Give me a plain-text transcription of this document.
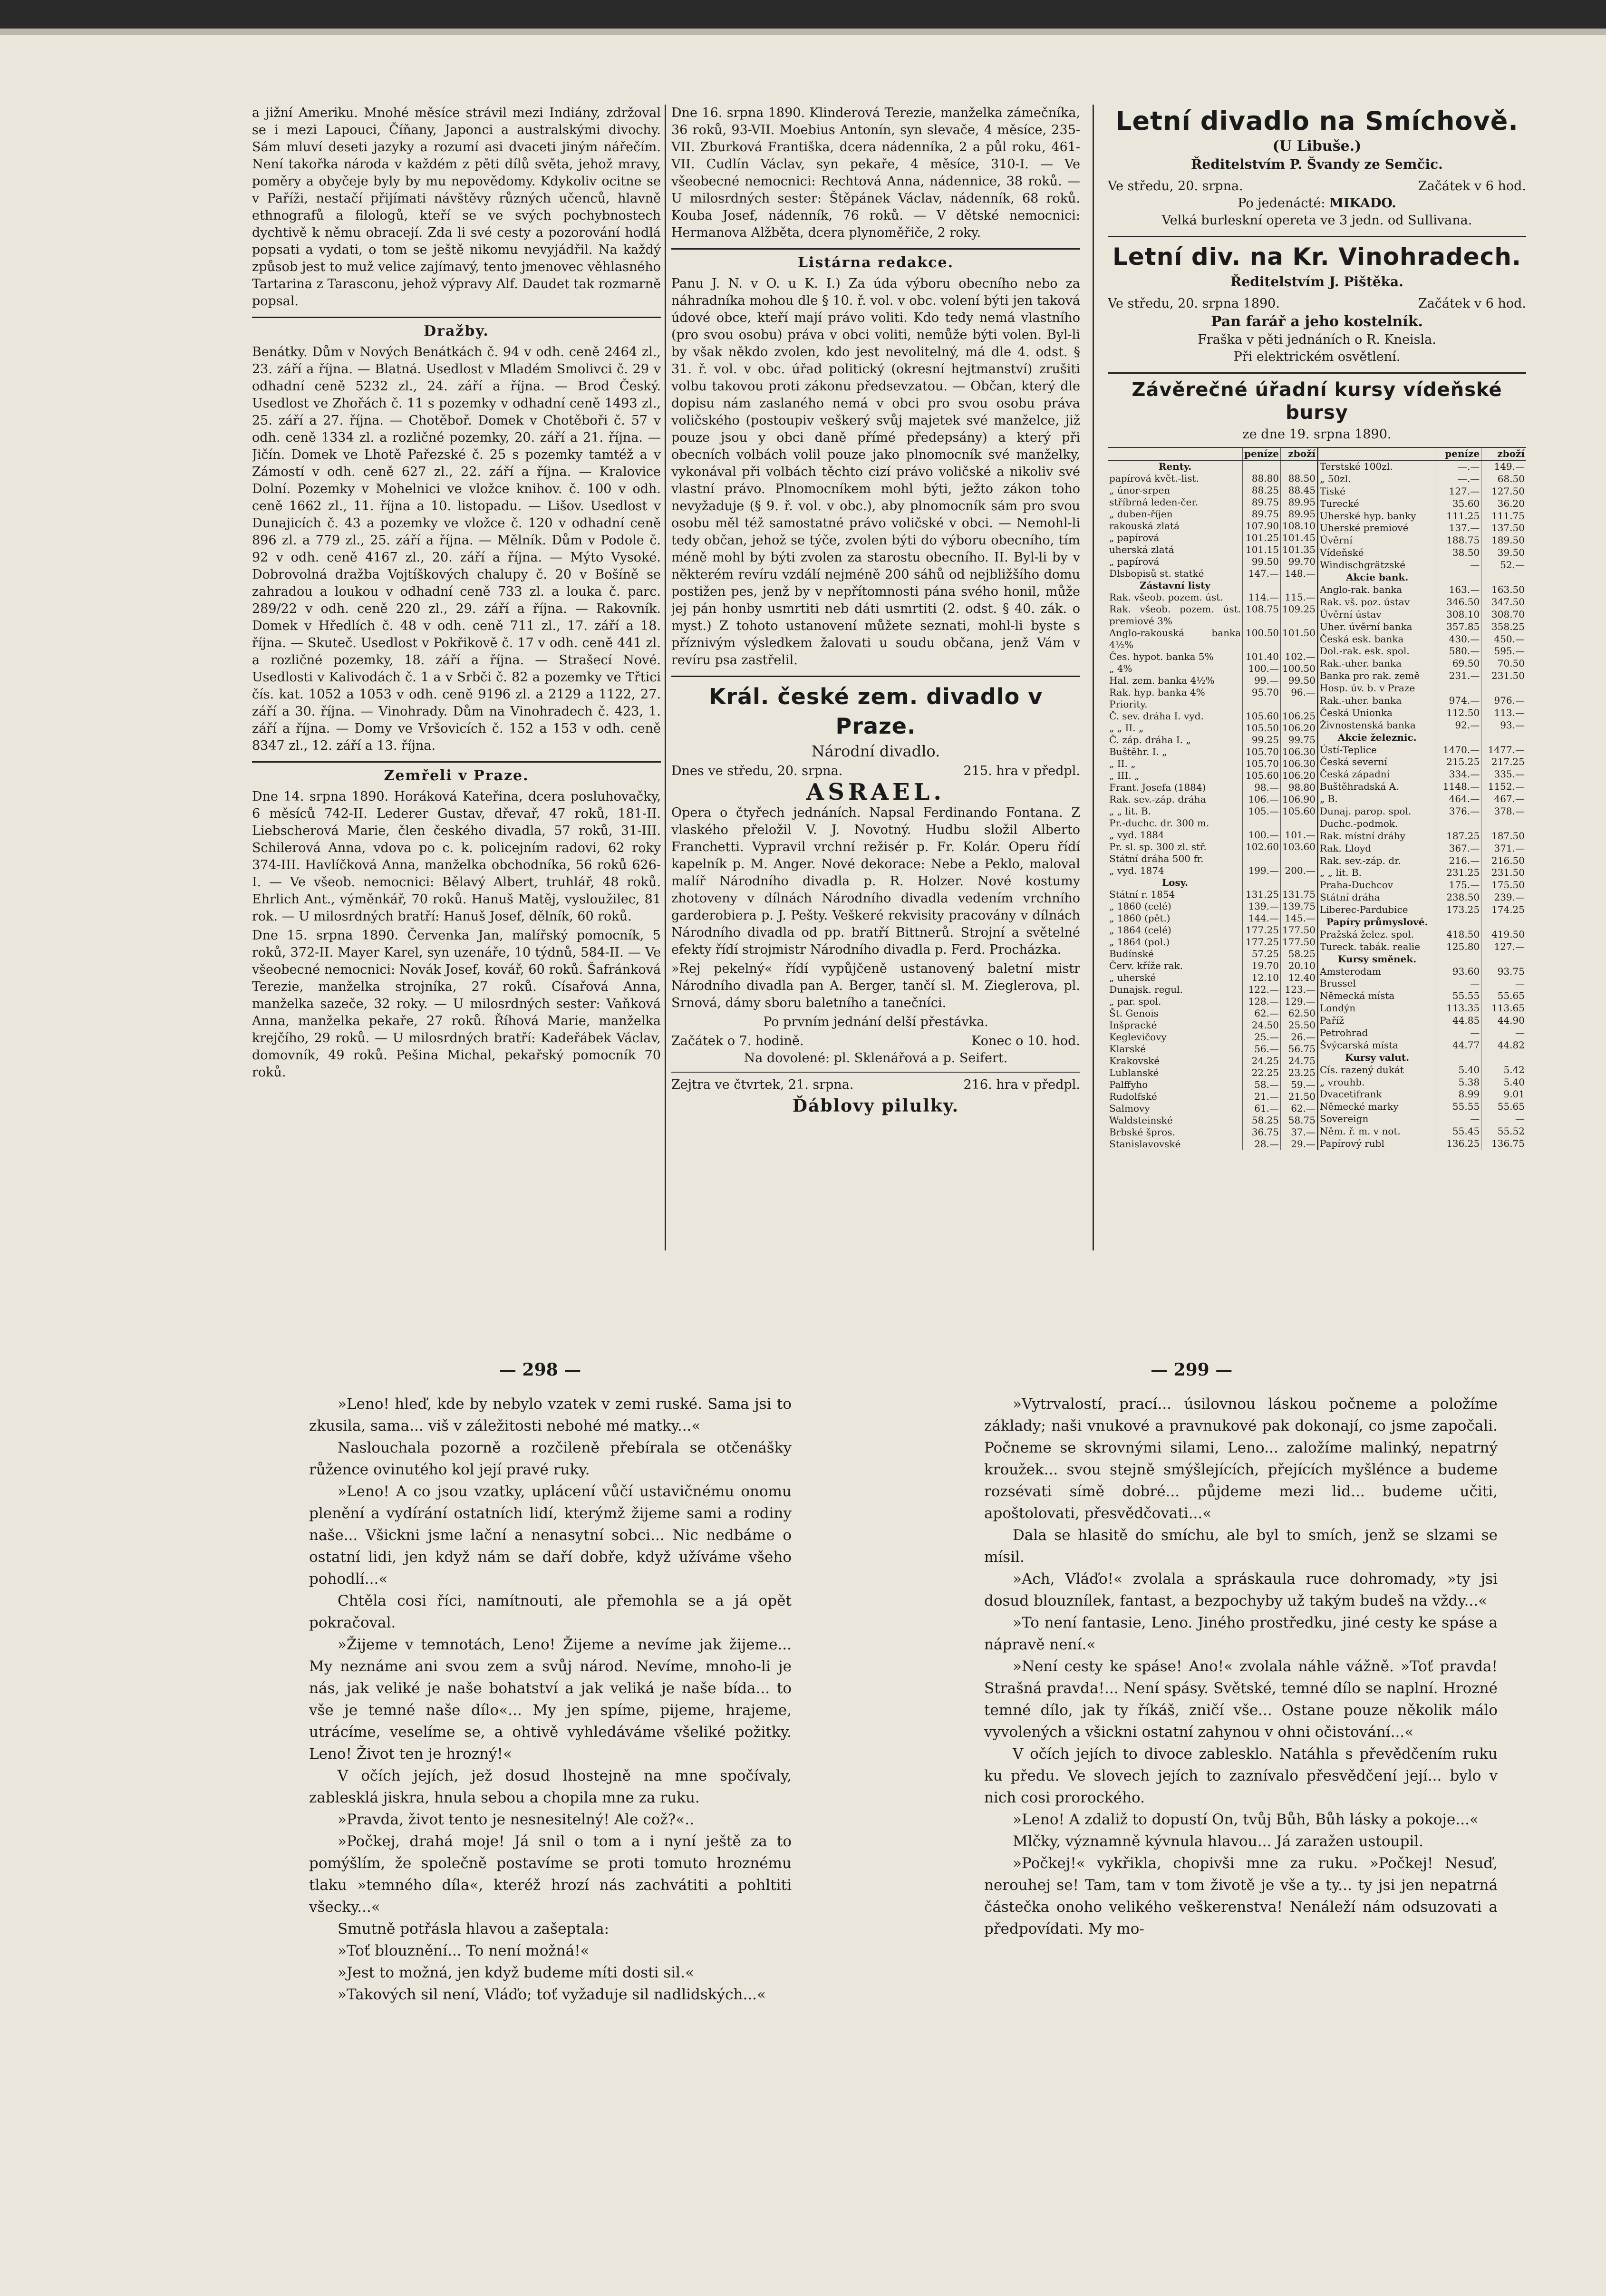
a jižní Ameriku. Mnohé měsíce strávil mezi Indiány, zdržoval se i mezi Lapouci, Číňany, Japonci a australskými divochy. Sám mluví deseti jazyky a rozumí asi dvaceti jiným nářečím. Není takořka národa v každém z pěti dílů světa, jehož mravy, poměry a obyčeje byly by mu nepovědomy. Kdykoliv ocitne se v Paříži, nestačí přijímati návštěvy různých učenců, hlavně ethnografů a filologů, kteří se ve svých pochybnostech dychtivě k němu obracejí. Zda li své cesty a pozorování hodlá popsati a vydati, o tom se ještě nikomu nevyjádřil. Na každý způsob jest to muž velice zajímavý, tento jmenovec věhlasného Tartarina z Tarasconu, jehož výpravy Alf. Daudet tak rozmarně popsal.

Dražby.

Benátky. Dům v Nových Benátkách č. 94 v odh. ceně 2464 zl., 23. září a října. — Blatná. Usedlost v Mladém Smolivci č. 29 v odhadní ceně 5232 zl., 24. září a října. — Brod Český. Usedlost ve Zhořách č. 11 s pozemky v odhadní ceně 1493 zl., 25. září a 27. října. — Chotěboř. Domek v Chotěboři č. 57 v odh. ceně 1334 zl. a rozličné pozemky, 20. září a 21. října. — Jičín. Domek ve Lhotě Pařezské č. 25 s pozemky tamtéž a v Zámostí v odh. ceně 627 zl., 22. září a října. — Kralovice Dolní. Pozemky v Mohelnici ve vložce knihov. č. 100 v odh. ceně 1662 zl., 11. října a 10. listopadu. — Lišov. Usedlost v Dunajicích č. 43 a pozemky ve vložce č. 120 v odhadní ceně 896 zl. a 779 zl., 25. září a října. — Mělník. Dům v Podole č. 92 v odh. ceně 4167 zl., 20. září a října. — Mýto Vysoké. Dobrovolná dražba Vojtíškových chalupy č. 20 v Bošíně se zahradou a loukou v odhadní ceně 733 zl. a louka č. parc. 289/22 v odh. ceně 220 zl., 29. září a října. — Rakovník. Domek v Hředlích č. 48 v odh. ceně 711 zl., 17. září a 18. října. — Skuteč. Usedlost v Pokřikově č. 17 v odh. ceně 441 zl. a rozličné pozemky, 18. září a října. — Strašecí Nové. Usedlosti v Kalivodách č. 1 a v Srbči č. 82 a pozemky ve Třtici čís. kat. 1052 a 1053 v odh. ceně 9196 zl. a 2129 a 1122, 27. září a 30. října. — Vinohrady. Dům na Vinohradech č. 423, 1. září a října. — Domy ve Vršovicích č. 152 a 153 v odh. ceně 8347 zl., 12. září a 13. října.

Zemřeli v Praze.

Dne 14. srpna 1890. Horáková Kateřina, dcera posluhovačky, 6 měsíců 742-II. Lederer Gustav, dřevař, 47 roků, 181-II. Liebscherová Marie, člen českého divadla, 57 roků, 31-III. Schilerová Anna, vdova po c. k. policejním radovi, 62 roky 374-III. Havlíčková Anna, manželka obchodníka, 56 roků 626-I. — Ve všeob. nemocnici: Bělavý Albert, truhlář, 48 roků. Ehrlich Ant., výměnkář, 70 roků. Hanuš Matěj, vysloužilec, 81 rok. — U milosrdných bratří: Hanuš Josef, dělník, 60 roků.

Dne 15. srpna 1890. Červenka Jan, malířský pomocník, 5 roků, 372-II. Mayer Karel, syn uzenáře, 10 týdnů, 584-II. — Ve všeobecné nemocnici: Novák Josef, kovář, 60 roků. Šafránková Terezie, manželka strojníka, 27 roků. Císařová Anna, manželka sazeče, 32 roky. — U milosrdných sester: Vaňková Anna, manželka pekaře, 27 roků. Říhová Marie, manželka krejčího, 29 roků. — U milosrdných bratří: Kadeřábek Václav, domovník, 49 roků. Pešina Michal, pekařský pomocník 70 roků.

Dne 16. srpna 1890. Klinderová Terezie, manželka zámečníka, 36 roků, 93-VII. Moebius Antonín, syn slevače, 4 měsíce, 235-VII. Zburková Františka, dcera nádenníka, 2 a půl roku, 461-VII. Cudlín Václav, syn pekaře, 4 měsíce, 310-I. — Ve všeobecné nemocnici: Rechtová Anna, nádennice, 38 roků. — U milosrdných sester: Štěpánek Václav, nádenník, 68 roků. Kouba Josef, nádenník, 76 roků. — V dětské nemocnici: Hermanova Alžběta, dcera plynoměřiče, 2 roky.

Listárna redakce.

Panu J. N. v O. u K. I.) Za úda výboru obecního nebo za náhradníka mohou dle § 10. ř. vol. v obc. volení býti jen taková údové obce, kteří mají právo voliti. Kdo tedy nemá vlastního (pro svou osobu) práva v obci voliti, nemůže býti volen. Byl-li by však někdo zvolen, kdo jest nevolitelný, má dle 4. odst. § 31. ř. vol. v obc. úřad politický (okresní hejtmanství) zrušiti volbu takovou proti zákonu předsevzatou. — Občan, který dle dopisu nám zaslaného nemá v obci pro svou osobu práva voličského (postoupiv veškerý svůj majetek své manželce, již pouze jsou y obci daně přímé předepsány) a který při obecních volbách volil pouze jako plnomocník své manželky, vykonával při volbách těchto cizí právo voličské a nikoliv své vlastní právo. Plnomocníkem mohl býti, ježto zákon toho nevyžaduje (§ 9. ř. vol. v obc.), aby plnomocník sám pro svou osobu měl též samostatné právo voličské v obci. — Nemohl-li tedy občan, jehož se týče, zvolen býti do výboru obecního, tím méně mohl by býti zvolen za starostu obecního. II. Byl-li by v některém revíru vzdálí nejméně 200 sáhů od nejbližšího domu postižen pes, jenž by v nepřítomnosti pána svého honil, může jej pán honby usmrtiti neb dáti usmrtiti (2. odst. § 40. zák. o myst.) Z tohoto ustanovení můžete seznati, mohl-li byste s příznivým výsledkem žalovati u soudu občana, jenž Vám v revíru psa zastřelil.

Král. české zem. divadlo v Praze.
Národní divadlo.
Dnes ve středu, 20. srpna.	215. hra v předpl.
ASRAEL.

Opera o čtyřech jednáních. Napsal Ferdinando Fontana. Z vlaského přeložil V. J. Novotný. Hudbu složil Alberto Franchetti. Vypravil vrchní režisér p. Fr. Kolár. Operu řídí kapelník p. M. Anger. Nové dekorace: Nebe a Peklo, maloval malíř Národního divadla p. R. Holzer. Nové kostumy zhotoveny v dílnách Národního divadla vedením vrchního garderobiera p. J. Pešty. Veškeré rekvisity pracovány v dílnách Národního divadla od pp. bratří Bittnerů. Strojní a světelné efekty řídí strojmistr Národního divadla p. Ferd. Procházka.

»Rej pekelný« řídí vypůjčeně ustanovený baletní mistr Národního divadla pan A. Berger, tančí sl. M. Zieglerova, pl. Srnová, dámy sboru baletního a tanečníci.

Po prvním jednání delší přestávka.

Začátek o 7. hodině.	Konec o 10. hod.

Na dovolené: pl. Sklenářová a p. Seifert.

Zejtra ve čtvrtek, 21. srpna.	216. hra v předpl.
Ďáblovy pilulky.
Letní divadlo na Smíchově.
(U Libuše.)
Ředitelstvím P. Švandy ze Semčic.
Ve středu, 20. srpna.	Začátek v 6 hod.
Po jedenácté: MIKADO.
Velká burleskní opereta ve 3 jedn. od Sullivana.
Letní div. na Kr. Vinohradech.
Ředitelstvím J. Pištěka.
Ve středu, 20. srpna 1890.	Začátek v 6 hod.
Pan farář a jeho kostelník.
Fraška v pěti jednáních o R. Kneisla.
Při elektrickém osvětlení.
Závěrečné úřadní kursy vídeňské bursy
ze dne 19. srpna 1890.
	peníze	zboží
Renty.		
papírová květ.-list.	88.80	88.50
„ únor-srpen	88.25	88.45
stříbrná leden-čer.	89.75	89.95
„ duben-říjen	89.75	89.95
rakouská zlatá	107.90	108.10
„ papírová	101.25	101.45
uherská zlatá	101.15	101.35
„ papírová	99.50	99.70
Dlsbopisů st. statké	147.—	148.—
Zástavní listy		
Rak. všeob. pozem. úst.	114.—	115.—
Rak. všeob. pozem. úst. premiové 3%	108.75	109.25
Anglo-rakouská banka 4½%	100.50	101.50
Čes. hypot. banka 5%	101.40	102.—
„ 4%	100.—	100.50
Hal. zem. banka 4½%	99.—	99.50
Rak. hyp. banka 4%	95.70	96.—
Priority.		
Č. sev. dráha I. vyd.	105.60	106.25
„ „ II. „	105.50	106.20
Č. záp. dráha I. „	99.25	99.75
Buštěhr. I. „	105.70	106.30
„ II. „	105.70	106.30
„ III. „	105.60	106.20
Frant. Josefa (1884)	98.—	98.80
Rak. sev.-záp. dráha	106.—	106.90
„ „ lit. B.	105.—	105.60
Pr.-duchc. dr. 300 m.		
„ vyd. 1884	100.—	101.—
Pr. sl. sp. 300 zl. stř.	102.60	103.60
Státní dráha 500 fr.		
„ vyd. 1874	199.—	200.—
Losy.		
Státní r. 1854	131.25	131.75
„ 1860 (celé)	139.—	139.75
„ 1860 (pět.)	144.—	145.—
„ 1864 (celé)	177.25	177.50
„ 1864 (pol.)	177.25	177.50
Budínské	57.25	58.25
Červ. kříže rak.	19.70	20.10
„ uherské	12.10	12.40
Dunajsk. regul.	122.—	123.—
„ par. spol.	128.—	129.—
Št. Genois	62.—	62.50
Inšpracké	24.50	25.50
Keglevičovy	25.—	26.—
Klarské	56.—	56.75
Krakovské	24.25	24.75
Lublanské	22.25	23.25
Palffyho	58.—	59.—
Rudolfské	21.—	21.50
Salmovy	61.—	62.—
Waldsteinské	58.25	58.75
Brbské špros.	36.75	37.—
Stanislavovské	28.—	29.—
	peníze	zboží
Terstské 100zl.	—.—	149.—
„ 50zl.	—.—	68.50
Tiské	127.—	127.50
Turecké	35.60	36.20
Uherské hyp. banky	111.25	111.75
Uherské premiové	137.—	137.50
Úvěrní	188.75	189.50
Vídeňské	38.50	39.50
Windischgrätzské	—	52.—
Akcie bank.		
Anglo-rak. banka	163.—	163.50
Rak. vš. poz. ústav	346.50	347.50
Úvěrní ústav	308.10	308.70
Uher. úvěrní banka	357.85	358.25
Česká esk. banka	430.—	450.—
Dol.-rak. esk. spol.	580.—	595.—
Rak.-uher. banka	69.50	70.50
Banka pro rak. země	231.—	231.50
Hosp. úv. b. v Praze		
Rak.-uher. banka	974.—	976.—
Česká Unionka	112.50	113.—
Živnostenská banka	92.—	93.—
Akcie železnic.		
Ústí-Teplice	1470.—	1477.—
Česká severní	215.25	217.25
Česká západní	334.—	335.—
Buštěhradská A.	1148.—	1152.—
„ B.	464.—	467.—
Dunaj. parop. spol.	376.—	378.—
Duchc.-podmok.		
Rak. místní dráhy	187.25	187.50
Rak. Lloyd	367.—	371.—
Rak. sev.-záp. dr.	216.—	216.50
„ „ lit. B.	231.25	231.50
Praha-Duchcov	175.—	175.50
Státní dráha	238.50	239.—
Liberec-Pardubice	173.25	174.25
Papíry průmyslové.		
Pražská želez. spol.	418.50	419.50
Tureck. tabák. realie	125.80	127.—
Kursy směnek.		
Amsterodam	93.60	93.75
Brussel	—	—
Německá místa	55.55	55.65
Londýn	113.35	113.65
Paříž	44.85	44.90
Petrohrad	—	—
Švýcarská místa	44.77	44.82
Kursy valut.		
Cís. razený dukát	5.40	5.42
„ vrouhb.	5.38	5.40
Dvacetifrank	8.99	9.01
Německé marky	55.55	55.65
Sovereign	—	—
Něm. ř. m. v not.	55.45	55.52
Papírový rubl	136.25	136.75
— 298 —	— 299 —

»Leno! hleď, kde by nebylo vzatek v zemi ruské. Sama jsi to zkusila, sama... viš v záležitosti nebohé mé matky...«

Naslouchala pozorně a rozčileně přebírala se otčenášky růžence ovinutého kol její pravé ruky.

»Leno! A co jsou vzatky, uplácení vůčí ustavičnému onomu plenění a vydírání ostatních lidí, kterýmž žijeme sami a rodiny naše... Všickni jsme lační a nenasytní sobci... Nic nedbáme o ostatní lidi, jen když nám se daří dobře, když užíváme všeho pohodlí...«

Chtěla cosi říci, namítnouti, ale přemohla se a já opět pokračoval.

»Žijeme v temnotách, Leno! Žijeme a nevíme jak žijeme... My neznáme ani svou zem a svůj národ. Nevíme, mnoho-li je nás, jak veliké je naše bohatství a jak veliká je naše bída... to vše je temné naše dílo«... My jen spíme, pijeme, hrajeme, utrácíme, veselíme se, a ohtivě vyhledáváme všeliké požitky. Leno! Život ten je hrozný!«

V očích jejích, jež dosud lhostejně na mne spočívaly, zablesklá jiskra, hnula sebou a chopila mne za ruku.

»Pravda, život tento je nesnesitelný! Ale což?«..

»Počkej, drahá moje! Já snil o tom a i nyní ještě za to pomýšlím, že společně postavíme se proti tomuto hroznému tlaku »temného díla«, kteréž hrozí nás zachvátiti a pohltiti všecky...«

Smutně potřásla hlavou a zašeptala:

»Toť blouznění... To není možná!«

»Jest to možná, jen když budeme míti dosti sil.«

»Takových sil není, Vláďo; toť vyžaduje sil nadlidských...«

»Vytrvalostí, prací... úsilovnou láskou počneme a položíme základy; naši vnukové a pravnukové pak dokonají, co jsme započali. Počneme se skrovnými silami, Leno... založíme malinký, nepatrný kroužek... svou stejně smýšlejících, přejících myšlénce a budeme rozsévati símě dobré... půjdeme mezi lid... budeme učiti, apoštolovati, přesvědčovati...«

Dala se hlasitě do smíchu, ale byl to smích, jenž se slzami se mísil.

»Ach, Vláďo!« zvolala a spráskaula ruce dohromady, »ty jsi dosud blouznílek, fantast, a bezpochyby už takým budeš na vždy...«

»To není fantasie, Leno. Jiného prostředku, jiné cesty ke spáse a nápravě není.«

»Není cesty ke spáse! Ano!« zvolala náhle vážně. »Toť pravda! Strašná pravda!... Není spásy. Světské, temné dílo se naplní. Hrozné temné dílo, jak ty říkáš, zničí vše... Ostane pouze několik málo vyvolených a všickni ostatní zahynou v ohni očistování...«

V očích jejích to divoce zablesklo. Natáhla s převědčením ruku ku předu. Ve slovech jejích to zaznívalo přesvědčení její... bylo v nich cosi prorockého.

»Leno! A zdaliž to dopustí On, tvůj Bůh, Bůh lásky a pokoje...«

Mlčky, významně kývnula hlavou... Já zaražen ustoupil.

»Počkej!« vykřikla, chopivši mne za ruku. »Počkej! Nesuď, nerouhej se! Tam, tam v tom životě je vše a ty... ty jsi jen nepatrná částečka onoho velikého veškerenstva! Nenáleží nám odsuzovati a předpovídati. My mo-
